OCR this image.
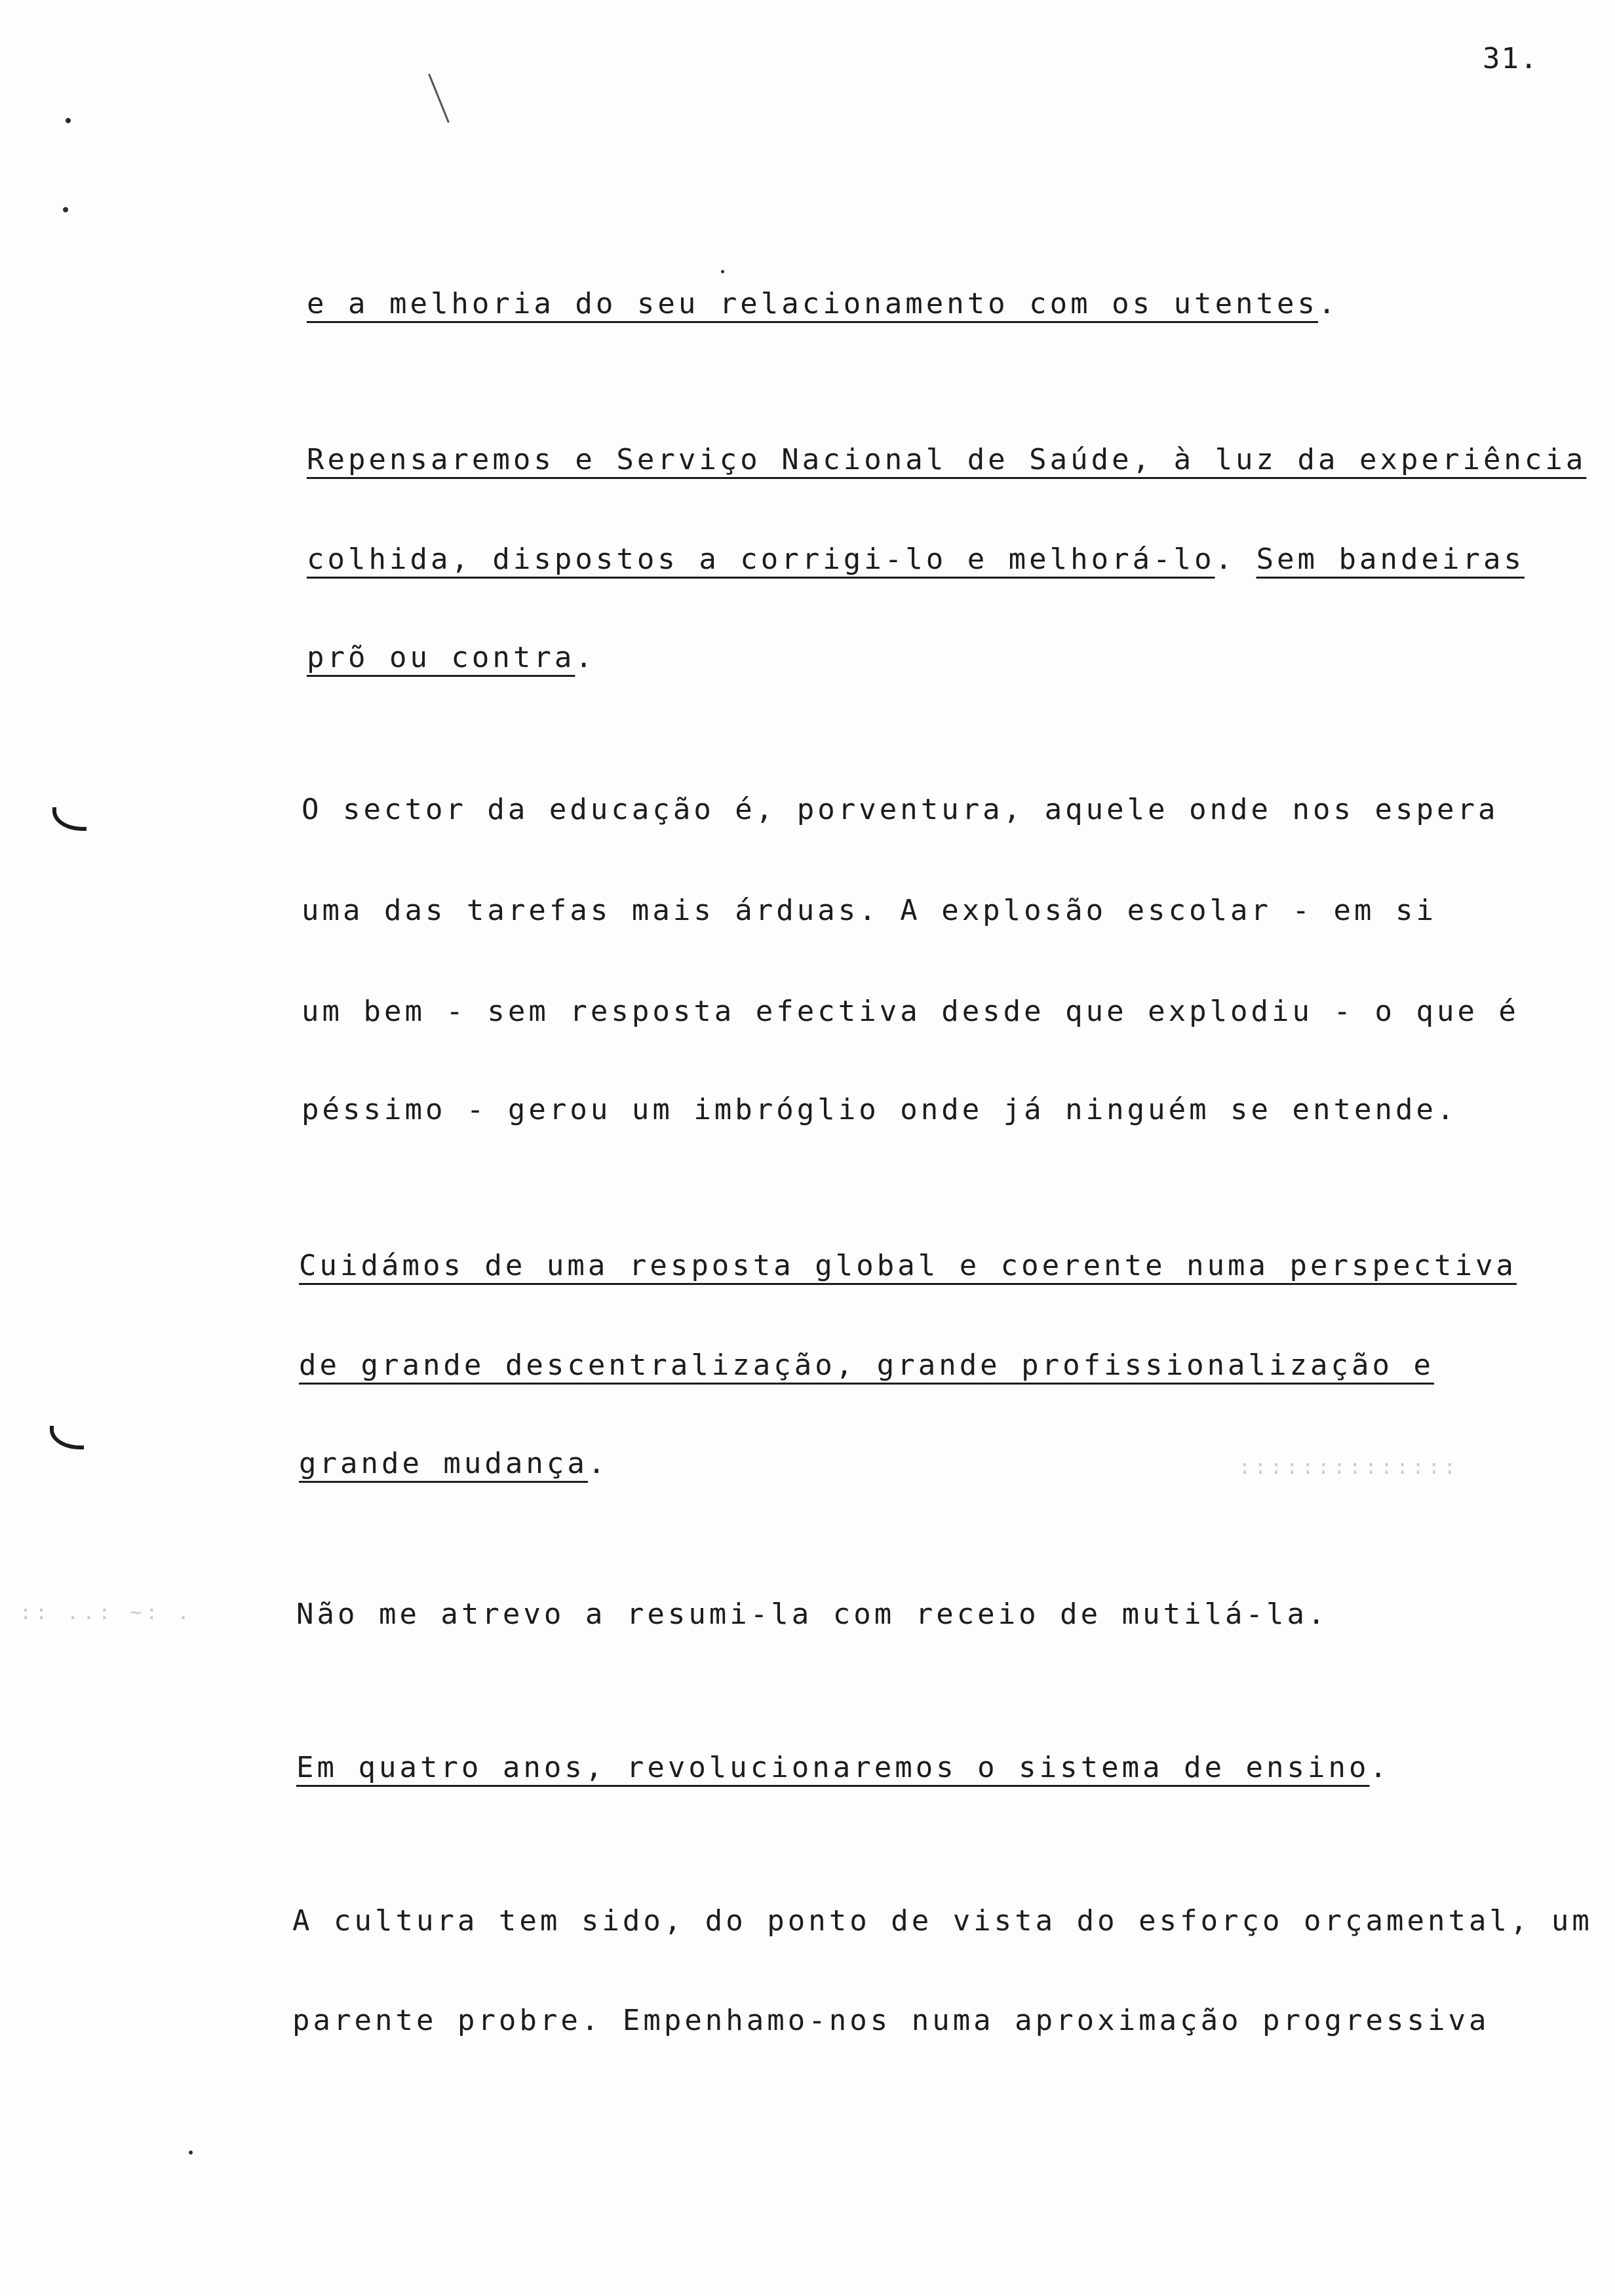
31.
::::::::::::::
:: ..: ~: .
e a melhoria do seu relacionamento com os utentes.
Repensaremos e Serviço Nacional de Saúde, à luz da experiência
colhida, dispostos a corrigi-lo e melhorá-lo. Sem bandeiras
prõ ou contra.
O sector da educação é, porventura, aquele onde nos espera
uma das tarefas mais árduas. A explosão escolar - em si
um bem - sem resposta efectiva desde que explodiu - o que é
péssimo - gerou um imbróglio onde já ninguém se entende.
Cuidámos de uma resposta global e coerente numa perspectiva
de grande descentralização, grande profissionalização e
grande mudança.
Não me atrevo a resumi-la com receio de mutilá-la.
Em quatro anos, revolucionaremos o sistema de ensino.
A cultura tem sido, do ponto de vista do esforço orçamental, um
parente probre. Empenhamo-nos numa aproximação progressiva
